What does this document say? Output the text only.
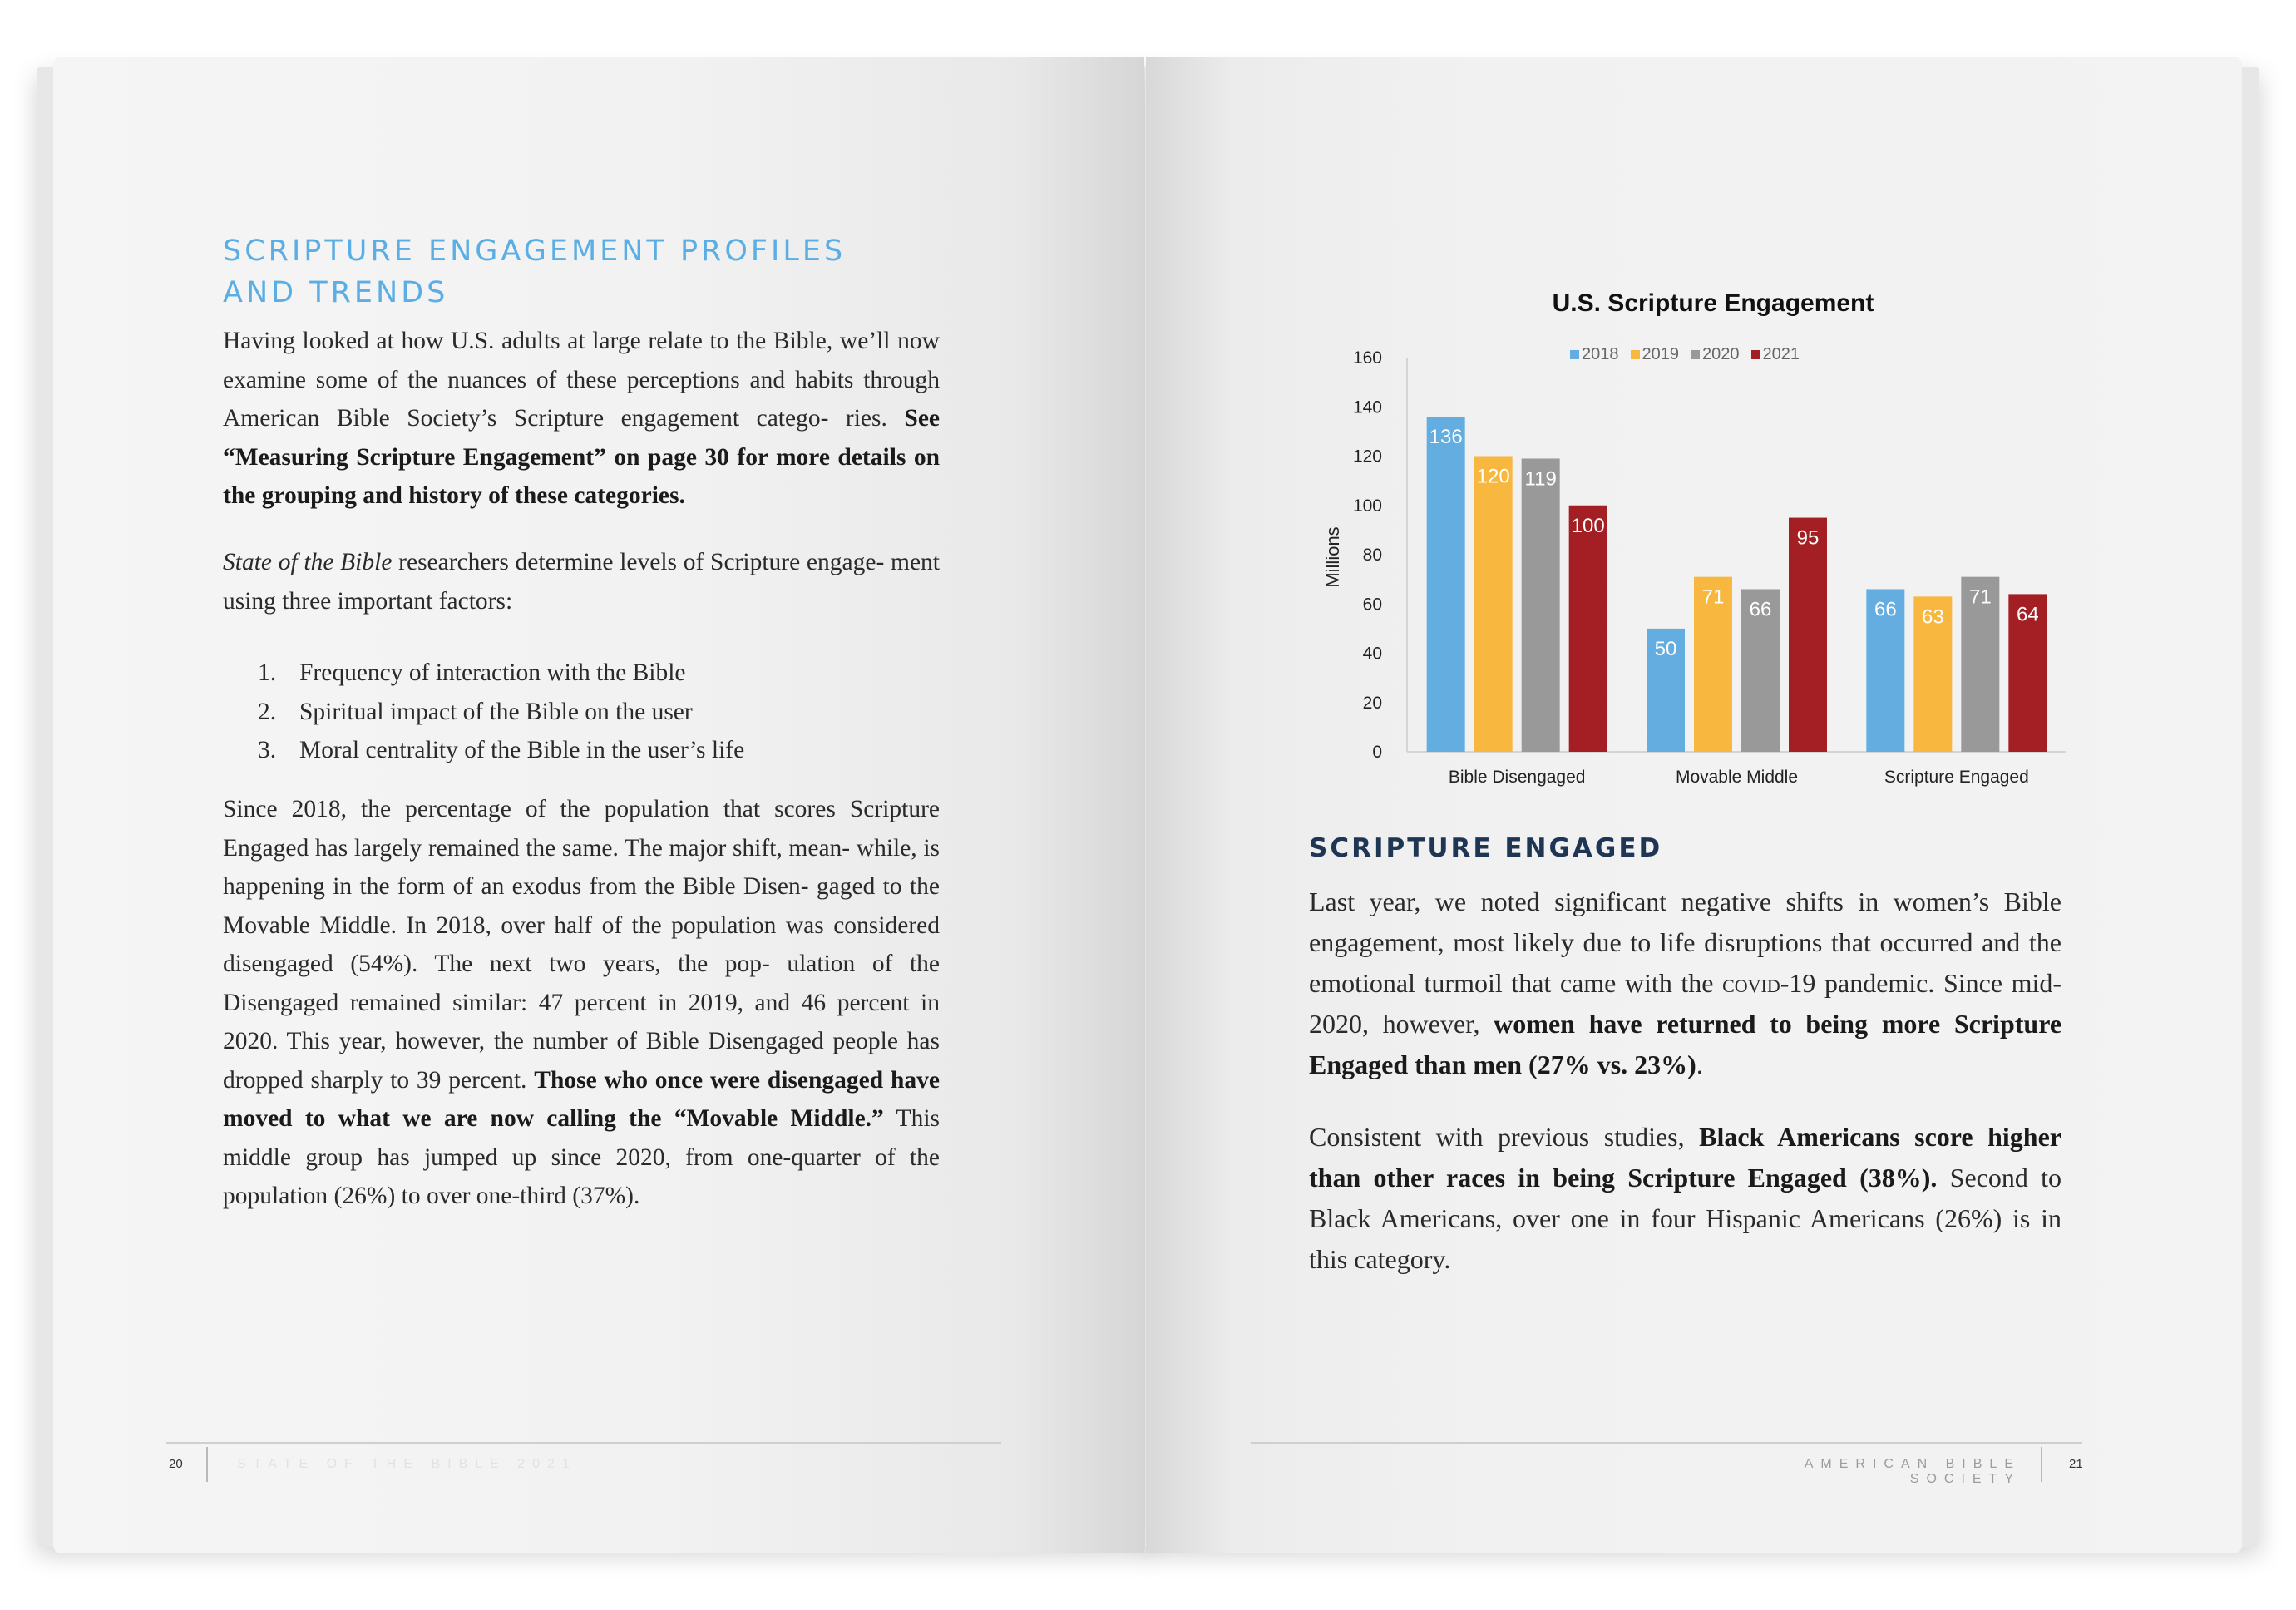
SCRIPTURE ENGAGEMENT PROFILES
AND TRENDS
Having looked at how U.S. adults at large relate to the Bible, we’ll now examine some of the nuances of these perceptions and habits through American Bible Society’s Scripture engagement catego- ries. See “Measuring Scripture Engagement” on page 30 for more details on the grouping and history of these categories.
State of the Bible researchers determine levels of Scripture engage- ment using three important factors:
1. Frequency of interaction with the Bible
2. Spiritual impact of the Bible on the user
3. Moral centrality of the Bible in the user’s life
Since 2018, the percentage of the population that scores Scripture Engaged has largely remained the same. The major shift, mean- while, is happening in the form of an exodus from the Bible Disen- gaged to the Movable Middle. In 2018, over half of the population was considered disengaged (54%). The next two years, the pop- ulation of the Disengaged remained similar: 47 percent in 2019, and 46 percent in 2020. This year, however, the number of Bible Disengaged people has dropped sharply to 39 percent. Those who once were disengaged have moved to what we are now calling the “Movable Middle.” This middle group has jumped up since 2020, from one-quarter of the population (26%) to over one-third (37%).
20	STATE OF THE BIBLE 2021
U.S. Scripture Engagement
2018 2019 2020 2021
Millions
0
20
40
60
80
100
120
140
160
136
120 119
100
50
71
66
95
66 63
71
64
Bible Disengaged	Movable Middle	Scripture Engaged
SCRIPTURE ENGAGED
Last year, we noted significant negative shifts in women’s Bible engagement, most likely due to life disruptions that occurred and the emotional turmoil that came with the covid-19 pandemic. Since mid-2020, however, women have returned to being more Scripture Engaged than men (27% vs. 23%).
Consistent with previous studies, Black Americans score higher than other races in being Scripture Engaged (38%). Second to Black Americans, over one in four Hispanic Americans (26%) is in this category.
AMERICAN BIBLE SOCIETY
21
